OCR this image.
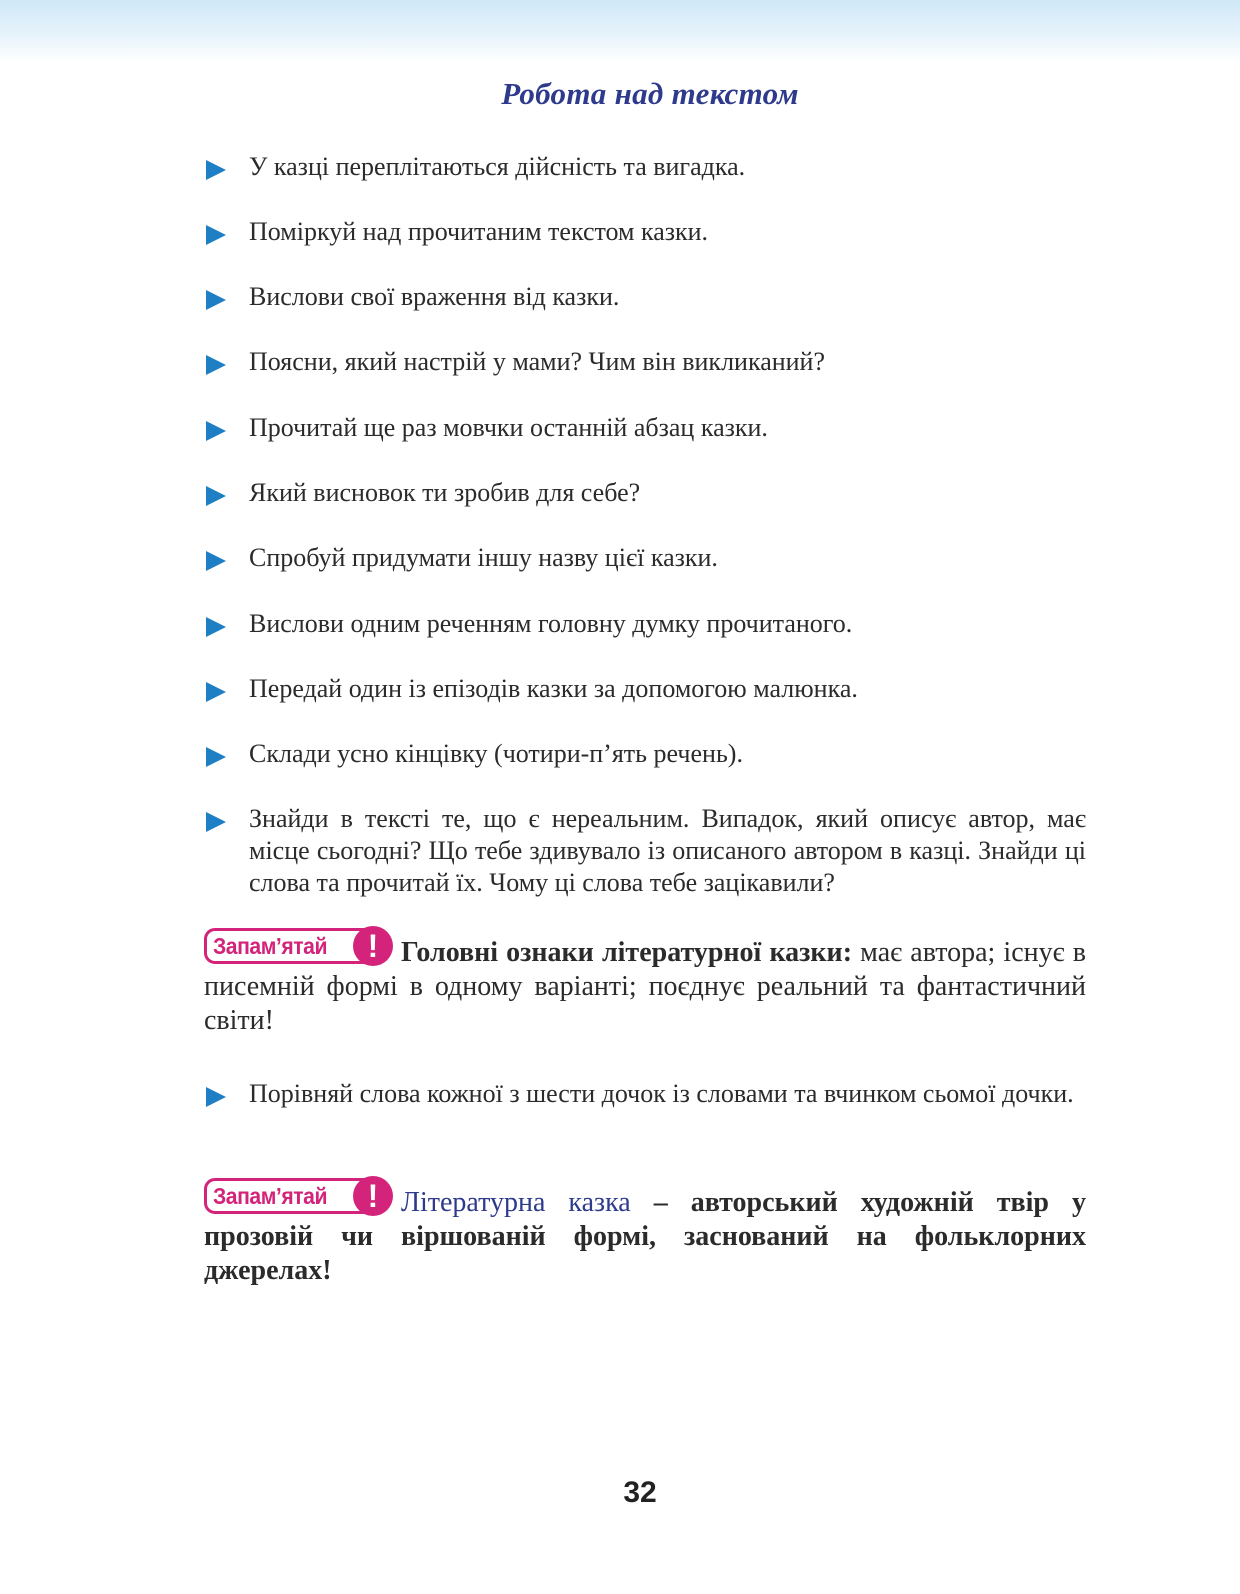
Робота над текстом
У казці переплітаються дійсність та вигадка.
Поміркуй над прочитаним текстом казки.
Вислови свої враження від казки.
Поясни, який настрій у мами? Чим він викликаний?
Прочитай ще раз мовчки останній абзац казки.
Який висновок ти зробив для себе?
Спробуй придумати іншу назву цієї казки.
Вислови одним реченням головну думку прочитаного.
Передай один із епізодів казки за допомогою малюнка.
Склади усно кінцівку (чотири-п’ять речень).
Знайди в тексті те, що є нереальним. Випадок, який описує автор, має місце сьогодні? Що тебе здивувало із описаного автором в казці. Знайди ці слова та прочитай їх. Чому ці слова тебе зацікавили?
Запам’ятай	! Головні ознаки літературної казки: має автора; існує в писемній формі в одному варіанті; поєднує реальний та фантастичний світи!
Порівняй слова кожної з шести дочок із словами та вчинком сьомої дочки.
Запам’ятай	! Літературна казка – авторський художній твір у прозовій чи віршованій формі, заснований на фольклорних джерелах!
32
